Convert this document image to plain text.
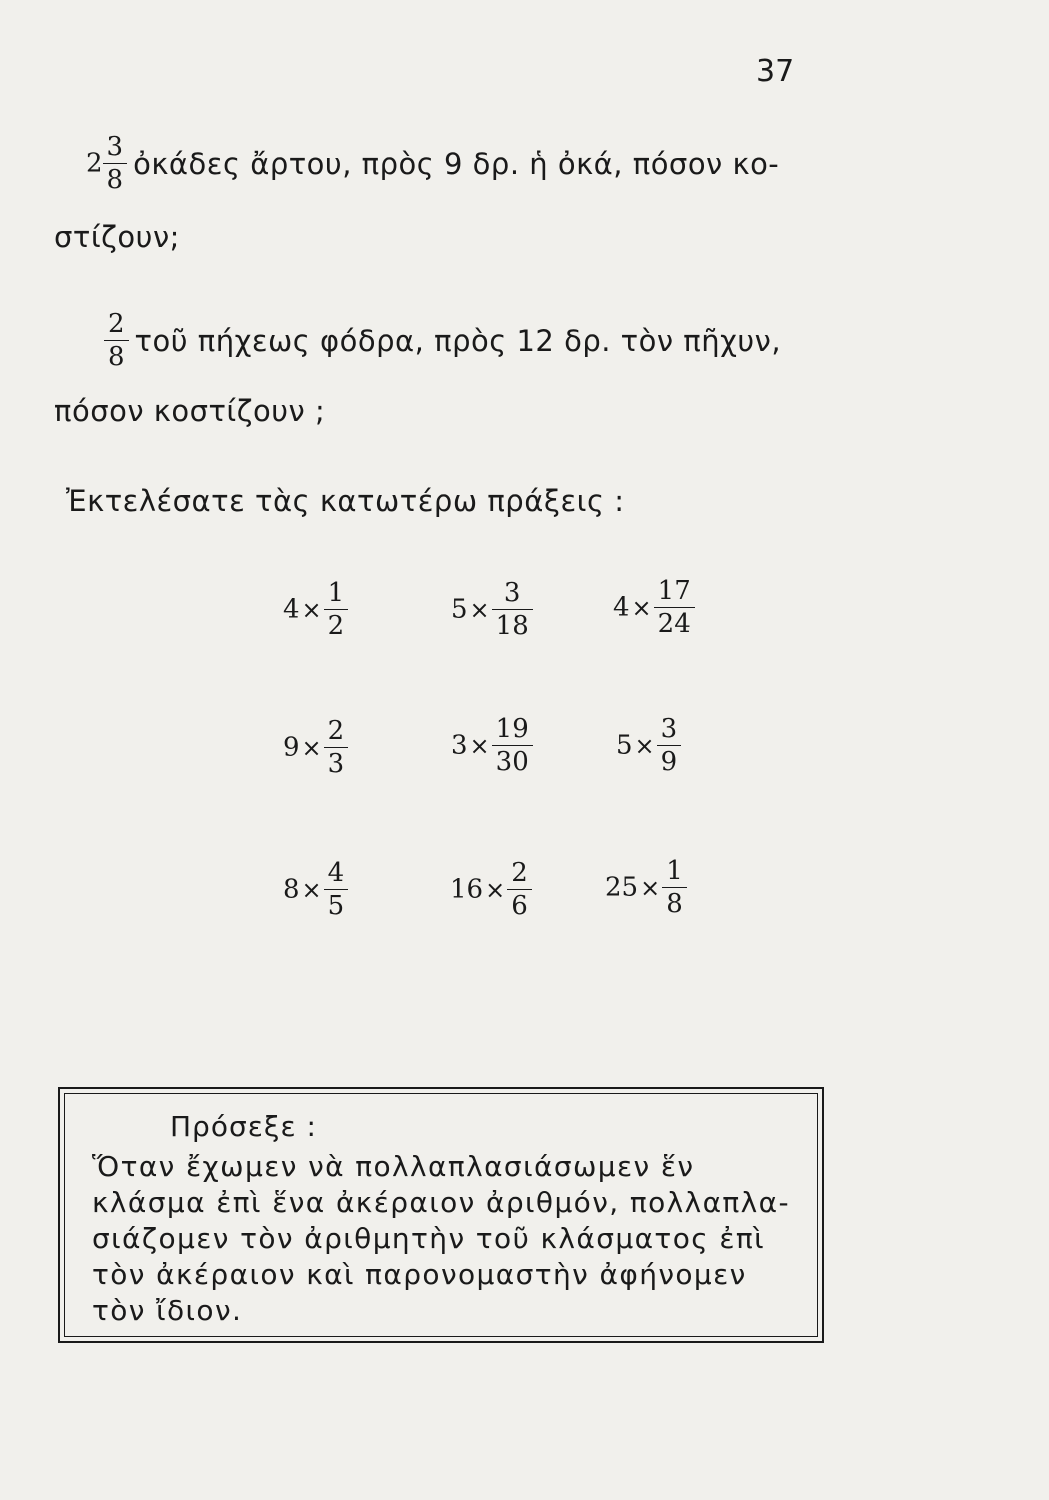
37
$2 \frac{3}{8}$ ὀκάδες ἄρτου, πρὸς 9 δρ. ἡ ὀκά, πόσον κο-
στίζουν;
$\frac{2}{8}$ τοῦ πήχεως φόδρα, πρὸς 12 δρ. τὸν πῆχυν,
πόσον κοστίζουν ;
Ἐκτελέσατε τὰς κατωτέρω πράξεις :
$4\times \frac{1}{2}$	$5\times \frac{3}{18}$	$4\times \frac{17}{24}$
$9\times \frac{2}{3}$	$3\times \frac{19}{30}$	$5\times \frac{3}{9}$
$8\times \frac{4}{5}$	$16\times \frac{2}{6}$	$25\times \frac{1}{8}$
Πρόσεξε :
Ὅταν ἔχωμεν νὰ πολλαπλασιάσωμεν ἕν
κλάσμα ἐπὶ ἕνα ἀκέραιον ἀριθμόν, πολλαπλα-
σιάζομεν τὸν ἀριθμητὴν τοῦ κλάσματος ἐπὶ
τὸν ἀκέραιον καὶ παρονομαστὴν ἀφήνομεν
τὸν ἴδιον.
